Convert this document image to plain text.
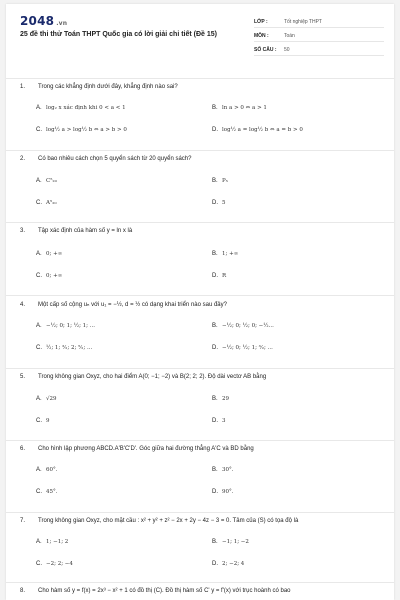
2048 .vn
25 đề thi thử Toán THPT Quốc gia có lời giải chi tiết (Đề 15)
LỚP :	Tốt nghiệp THPT
MÔN :	Toán
SỐ CÂU :	50
1. Trong các khẳng định dưới đây, khẳng định nào sai?
A. log₂ x xác định khi 0 < a < 1	B. ln a > 0 ⇔ a > 1
C. log½ a > log½ b ⇔ a > b > 0	D. log½ a = log½ b ⇔ a = b > 0
2. Có bao nhiêu cách chọn 5 quyển sách từ 20 quyển sách?
A. C⁵₂₀	B. P₅
C. A⁵₂₀	D. 5
3. Tập xác định của hàm số y = ln x là
A. 0; +∞	B. 1; +∞
C. 0; +∞	D. R
4. Một cấp số cộng uₙ với u₁ = −½, d = ½ có dạng khai triển nào sau đây?
A. −½; 0; 1; ½; 1; ...	B. −½; 0; ½; 0; −½...
C. ½; 1; ³⁄₂; 2; ⁵⁄₂; ...	D. −½; 0; ½; 1; ³⁄₂; ...
5. Trong không gian Oxyz, cho hai điểm A(0; −1; −2) và B(2; 2; 2). Độ dài vectơ AB bằng
A. √29	B. 29
C. 9	D. 3
6. Cho hình lập phương ABCD.A'B'C'D'. Góc giữa hai đường thẳng A'C và BD bằng
A. 60°.	B. 30°.
C. 45°.	D. 90°.
7. Trong không gian Oxyz, cho mặt cầu : x² + y² + z² − 2x + 2y − 4z − 3 = 0. Tâm của (S) có tọa độ là
A. 1; −1; 2	B. −1; 1; −2
C. −2; 2; −4	D. 2; −2; 4
8. Cho hàm số y = f(x) = 2x³ − x² + 1 có đồ thị (C). Đồ thị hàm số C' y = f'(x) với trục hoành có bao
